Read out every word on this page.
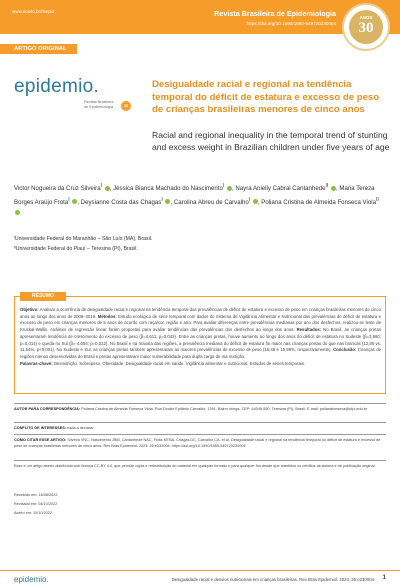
www.scielo.br/rbepid	Revista Brasileira de Epidemiologia
https://doi.org/10.1590/1980-549720230004
ANOS
30
ARTIGO ORIGINAL
epidemio.
Revista Brasileira
de Epidemiologia	25
Desigualdade racial e regional na tendência temporal do déficit de estatura e excesso de peso de crianças brasileiras menores de cinco anos
Racial and regional inequality in the temporal trend of stunting and excess weight in Brazilian children under five years of age
Victor Nogueira da Cruz Silveira$^I$ , Jéssica Bianca Machado do Nascimento$^I$ , Nayra Anielly Cabral Cantanhede$^{II}$ , Maria Tereza Borges Araújo Frota$^I$ , Deysianne Costa das Chagas$^I$ , Carolina Abreu de Carvalho$^I$ , Poliana Cristina de Almeida Fonseca Viola$^{II}$
ᴵUniversidade Federal do Maranhão – São Luís (MA), Brasil.
ᴵᴵUniversidade Federal do Piauí – Teresina (PI), Brasil.
RESUMO
Objetivo: Analisar a ocorrência de desigualdade racial e regional na tendência temporal das prevalências de déficit de estatura e excesso de peso em crianças brasileiras menores de cinco anos ao longo dos anos de 2008–2019. Métodos: Estudo ecológico de série temporal com dados do Sistema de Vigilância Alimentar e Nutricional das prevalências de déficit de estatura e excesso de peso em crianças menores de 5 anos de acordo com raça/cor, região e ano. Para avaliar diferenças entre prevalências medianas por ano dos desfechos, realizou-se teste de Kruskal-Wallis. Análises de regressão linear foram propostas para avaliar tendências das prevalências dos desfechos ao longo dos anos. Resultados: No Brasil, as crianças pretas apresentaram tendência de crescimento do excesso de peso (β=4,611; p=0,042). Entre as crianças pretas, houve aumento ao longo dos anos do déficit de estatura no Sudeste (β=3,960; p=0,014) e queda no Sul (β=-4,654; p=0,022). No Brasil e na maioria das regiões, a prevalência mediana do déficit de estatura foi maior nas crianças pretas do que nas brancas (12,86 vs. 11,54%, p<0,001). No Sudeste e Sul, as crianças pretas também apresentaram as maiores prevalências de excesso de peso (15,48 e 15,99%, respectivamente). Conclusão: Crianças de regiões menos desenvolvidas do Brasil e pretas apresentaram maior vulnerabilidade para dupla carga de má nutrição.
Palavras-chave: Desnutrição. Sobrepeso. Obesidade. Desigualdade racial em saúde. Vigilância alimentar e nutricional. Estudos de séries temporais.
AUTOR PARA CORRESPONDÊNCIA: Poliana Cristina de Almeida Fonseca Viola. Rua Doutor Epifânio Carvalho, 1391, Bairro Ininga, CEP: 64049-550, Teresina (PI), Brasil. E-mail: polianafonseca@ufpi.edu.br
CONFLITO DE INTERESSES: nada a declarar
COMO CITAR ESSE ARTIGO: Silveira VNC, Nascimento JBM, Cantanhede NAC, Frota MTBA, Chagas DC, Carvalho CA, et al. Desigualdade racial e regional na tendência temporal do déficit de estatura e excesso de peso de crianças brasileiras menores de cinco anos. Rev Bras Epidemiol. 2023; 26:e230004. https://doi.org/10.1590/1980-549720230004
Esse é um artigo aberto distribuído sob licença CC-BY 4.0, que permite cópia e redistribuição do material em qualquer formato e para qualquer fim desde que mantidos os créditos de autoria e de publicação original.
Recebido em: 16/08/2022
Revisado em: 04/10/2022
Aceito em: 10/10/2022
epidemio.	Desigualdade racial e desvios nutricionais em crianças brasileiras. Rev Bras Epidemiol. 2023; 26:e230004 1
